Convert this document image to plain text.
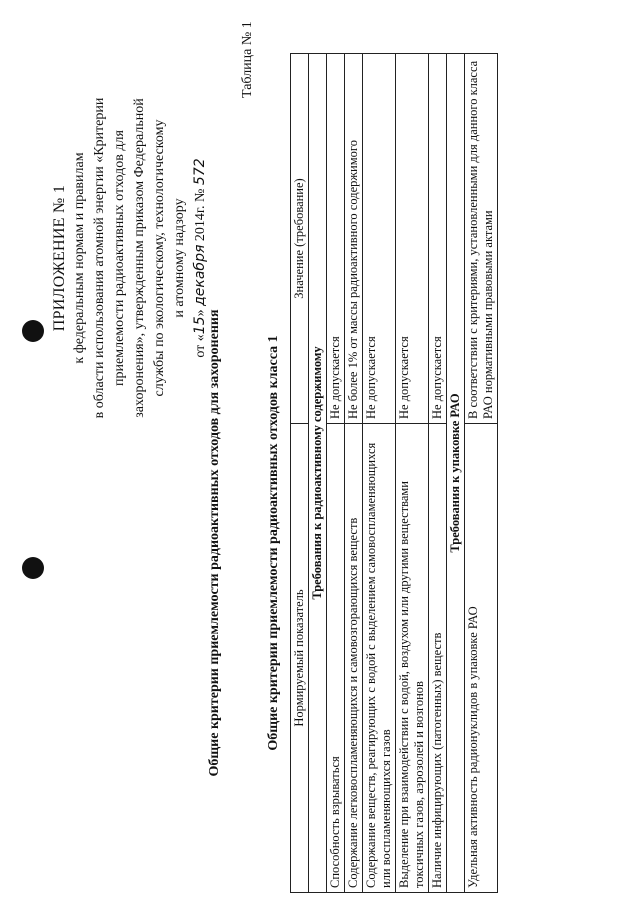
ПРИЛОЖЕНИЕ № 1 к федеральным нормам и правилам в области использования атомной энергии «Критерии приемлемости радиоактивных отходов для захоронения», утвержденным приказом Федеральной службы по экологическому, технологическому и атомному надзору
от «15» декабря 2014г. № 572
Общие критерии приемлемости радиоактивных отходов для захоронения
Таблица № 1
Общие критерии приемлемости радиоактивных отходов класса 1 Нормируемый показатель	Значение (требование)
Требования к радиоактивному содержимому	
Способность взрываться	Не допускается
Содержание легковоспламеняющихся и самовозгорающихся веществ	Не более 1% от массы радиоактивного содержимого
Содержание веществ, реагирующих с водой с выделением самовоспламеняющихся или воспламеняющихся газов	Не допускается
Выделение при взаимодействии с водой, воздухом или другими веществами токсичных газов, аэрозолей и возгонов	Не допускается
Наличие инфицирующих (патогенных) веществ	Не допускается
Требования к упаковке РАО	
Удельная активность радионуклидов в упаковке РАО	В соответствии с критериями, установленными для данного класса РАО нормативными правовыми актами
